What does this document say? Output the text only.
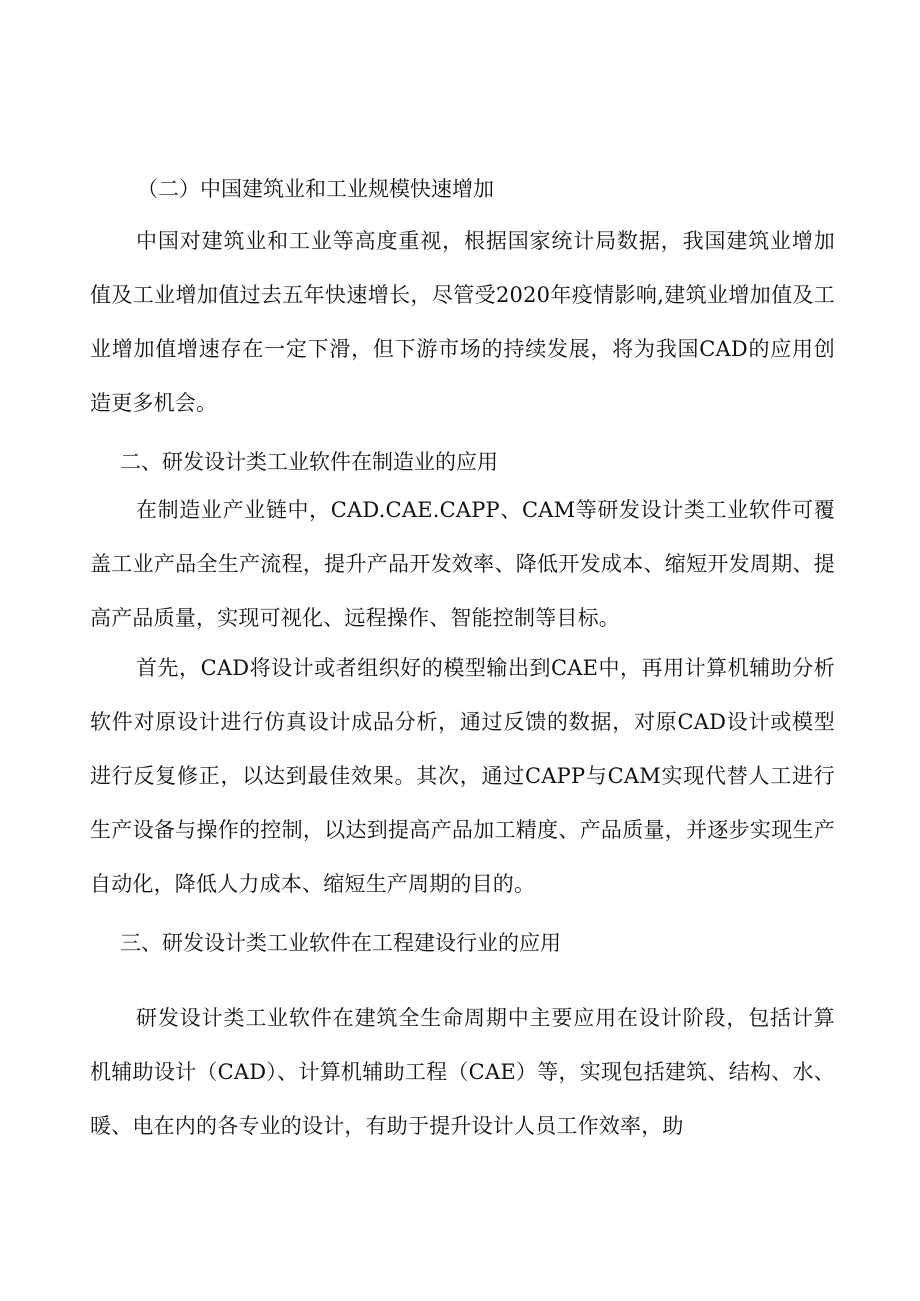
（二）中国建筑业和工业规模快速增加

中国对建筑业和工业等高度重视，根据国家统计局数据，我国建筑业增加值及工业增加值过去五年快速增长，尽管受2020年疫情影响,建筑业增加值及工业增加值增速存在一定下滑，但下游市场的持续发展，将为我国CAD的应用创造更多机会。

二、研发设计类工业软件在制造业的应用

在制造业产业链中，CAD.CAE.CAPP、CAM等研发设计类工业软件可覆盖工业产品全生产流程，提升产品开发效率、降低开发成本、缩短开发周期、提高产品质量，实现可视化、远程操作、智能控制等目标。

首先，CAD将设计或者组织好的模型输出到CAE中，再用计算机辅助分析软件对原设计进行仿真设计成品分析，通过反馈的数据，对原CAD设计或模型进行反复修正，以达到最佳效果。其次，通过CAPP与CAM实现代替人工进行生产设备与操作的控制，以达到提高产品加工精度、产品质量，并逐步实现生产自动化，降低人力成本、缩短生产周期的目的。

三、研发设计类工业软件在工程建设行业的应用

研发设计类工业软件在建筑全生命周期中主要应用在设计阶段，包括计算机辅助设计（CAD）、计算机辅助工程（CAE）等，实现包括建筑、结构、水、暖、电在内的各专业的设计，有助于提升设计人员工作效率，助
